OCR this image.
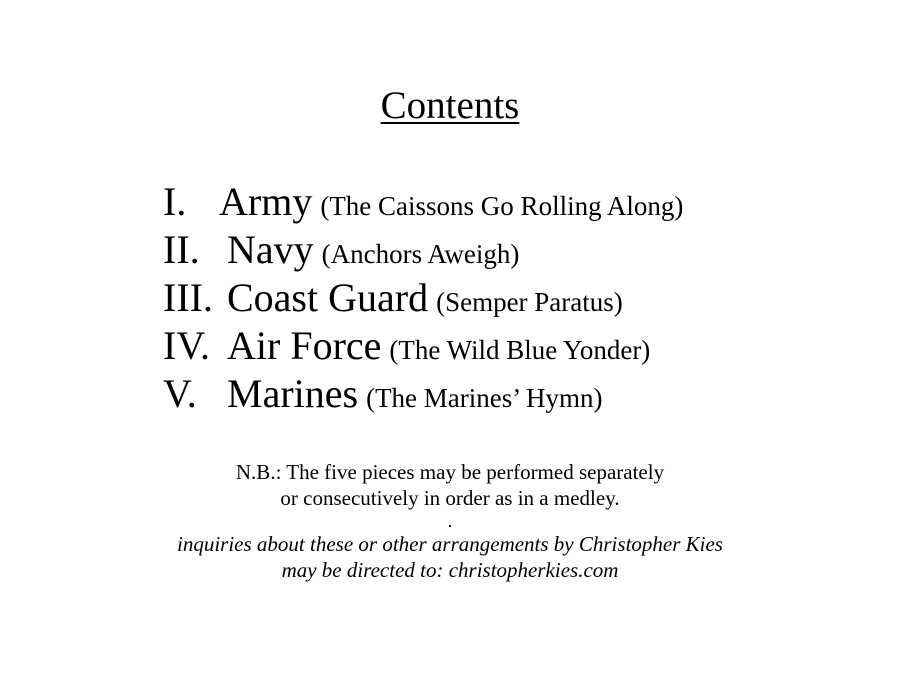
Contents
I. Army (The Caissons Go Rolling Along)
II. Navy (Anchors Aweigh)
III. Coast Guard (Semper Paratus)
IV. Air Force (The Wild Blue Yonder)
V. Marines (The Marines’ Hymn)
N.B.: The five pieces may be performed separately
or consecutively in order as in a medley.
.
inquiries about these or other arrangements by Christopher Kies
may be directed to: christopherkies.com
